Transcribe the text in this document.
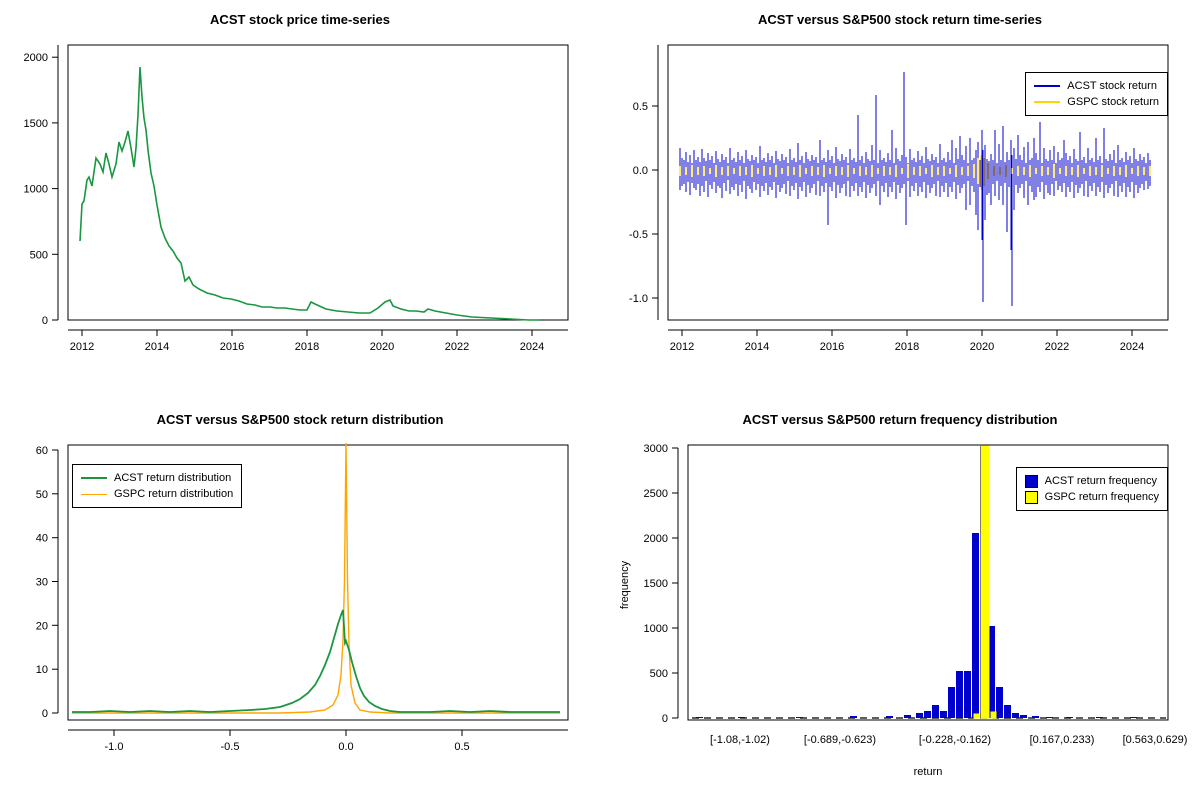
ACST stock price time-series
0
500
1000
1500
2000
2012	2014	2016	2018	2020	2022	2024
ACST versus S&P500 stock return time-series
-1.0
-0.5
0.0
0.5
2012	2014	2016	2018	2020	2022	2024
ACST stock return
GSPC stock return
ACST versus S&P500 stock return distribution
0
10
20
30
40
50
60
-1.0	-0.5	0.0	0.5
ACST return distribution
GSPC return distribution
ACST versus S&P500 return frequency distribution
0
500
1000
1500
2000
2500
3000
[-1.08,-1.02)	[-0.689,-0.623)	[-0.228,-0.162)	[0.167,0.233)	[0.563,0.629)
return
frequency
ACST return frequency
GSPC return frequency
